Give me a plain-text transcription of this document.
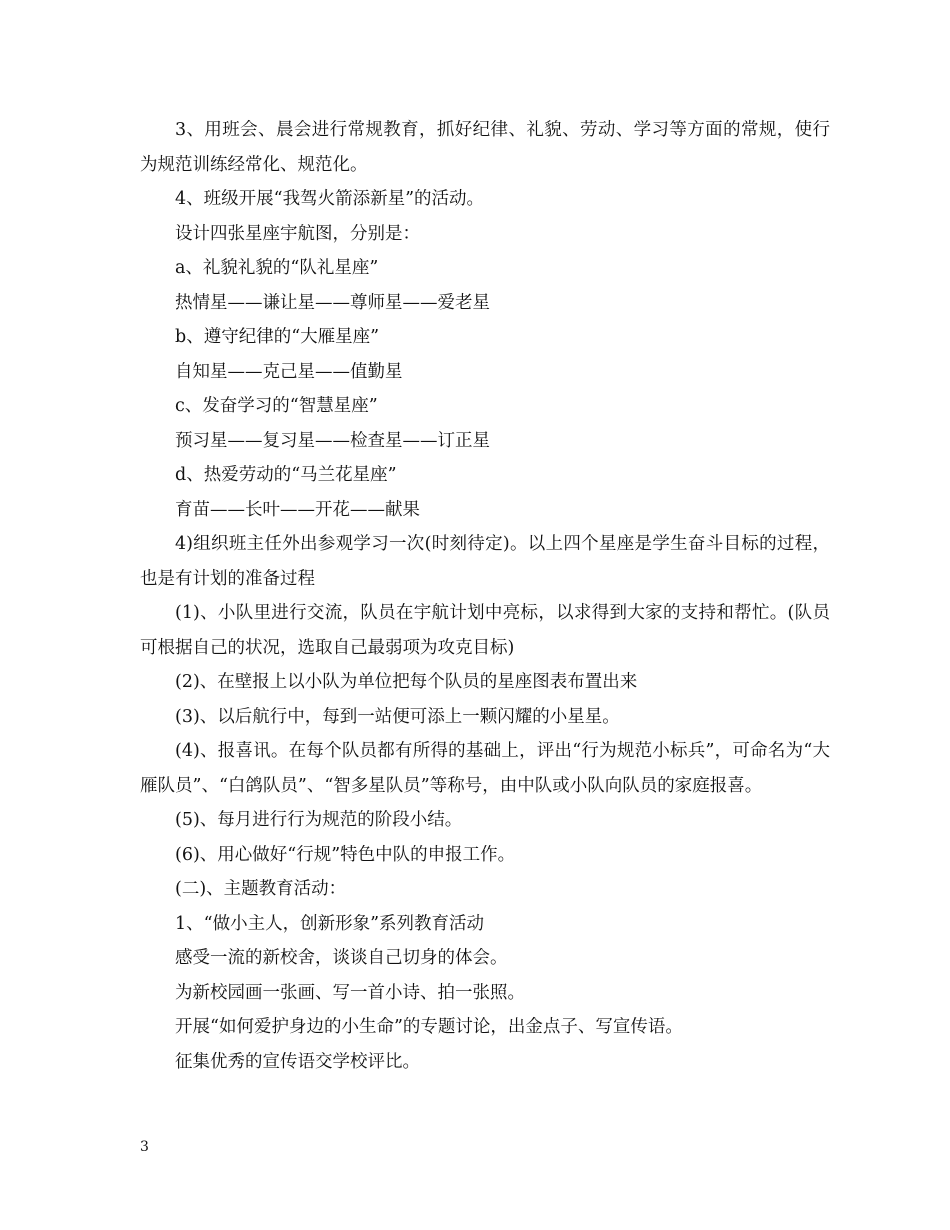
3、用班会、晨会进行常规教育，抓好纪律、礼貌、劳动、学习等方面的常规，使行为规范训练经常化、规范化。

4、班级开展“我驾火箭添新星”的活动。

设计四张星座宇航图，分别是：

a、礼貌礼貌的“队礼星座”

热情星——谦让星——尊师星——爱老星

b、遵守纪律的“大雁星座”

自知星——克己星——值勤星

c、发奋学习的“智慧星座”

预习星——复习星——检查星——订正星

d、热爱劳动的“马兰花星座”

育苗——长叶——开花——献果

4)组织班主任外出参观学习一次(时刻待定)。以上四个星座是学生奋斗目标的过程，也是有计划的准备过程

(1)、小队里进行交流，队员在宇航计划中亮标，以求得到大家的支持和帮忙。(队员可根据自己的状况，选取自己最弱项为攻克目标)

(2)、在壁报上以小队为单位把每个队员的星座图表布置出来

(3)、以后航行中，每到一站便可添上一颗闪耀的小星星。

(4)、报喜讯。在每个队员都有所得的基础上，评出“行为规范小标兵”，可命名为“大雁队员”、“白鸽队员”、“智多星队员”等称号，由中队或小队向队员的家庭报喜。

(5)、每月进行行为规范的阶段小结。

(6)、用心做好“行规”特色中队的申报工作。

(二)、主题教育活动：

1、“做小主人，创新形象”系列教育活动

感受一流的新校舍，谈谈自己切身的体会。

为新校园画一张画、写一首小诗、拍一张照。

开展“如何爱护身边的小生命”的专题讨论，出金点子、写宣传语。

征集优秀的宣传语交学校评比。

3
